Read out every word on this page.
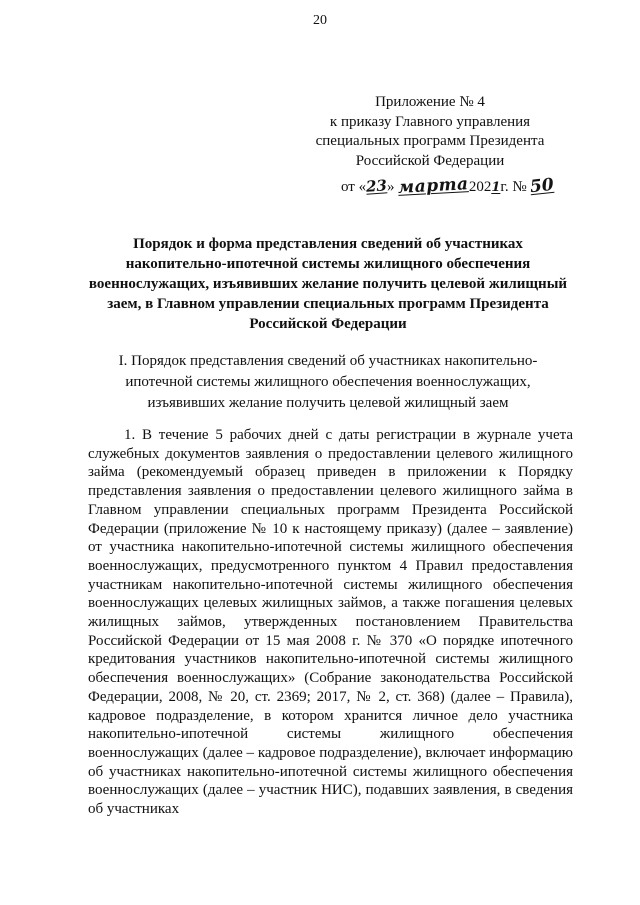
20
Приложение № 4
к приказу Главного управления
специальных программ Президента
Российской Федерации
от «23» марта2021г. № 50
Порядок и форма представления сведений об участниках
накопительно-ипотечной системы жилищного обеспечения
военнослужащих, изъявивших желание получить целевой жилищный
заем, в Главном управлении специальных программ Президента
Российской Федерации
I. Порядок представления сведений об участниках накопительно-
ипотечной системы жилищного обеспечения военнослужащих,
изъявивших желание получить целевой жилищный заем

1. В течение 5 рабочих дней с даты регистрации в журнале учета служебных документов заявления о предоставлении целевого жилищного займа (рекомендуемый образец приведен в приложении к Порядку представления заявления о предоставлении целевого жилищного займа в Главном управлении специальных программ Президента Российской Федерации (приложение № 10 к настоящему приказу) (далее – заявление) от участника накопительно-ипотечной системы жилищного обеспечения военнослужащих, предусмотренного пунктом 4 Правил предоставления участникам накопительно-ипотечной системы жилищного обеспечения военнослужащих целевых жилищных займов, а также погашения целевых жилищных займов, утвержденных постановлением Правительства Российской Федерации от 15 мая 2008 г. № 370 «О порядке ипотечного кредитования участников накопительно-ипотечной системы жилищного обеспечения военнослужащих» (Собрание законодательства Российской Федерации, 2008, № 20, ст. 2369; 2017, № 2, ст. 368) (далее – Правила), кадровое подразделение, в котором хранится личное дело участника накопительно-ипотечной системы жилищного обеспечения военнослужащих (далее – кадровое подразделение), включает информацию об участниках накопительно-ипотечной системы жилищного обеспечения военнослужащих (далее – участник НИС), подавших заявления, в сведения об участниках
